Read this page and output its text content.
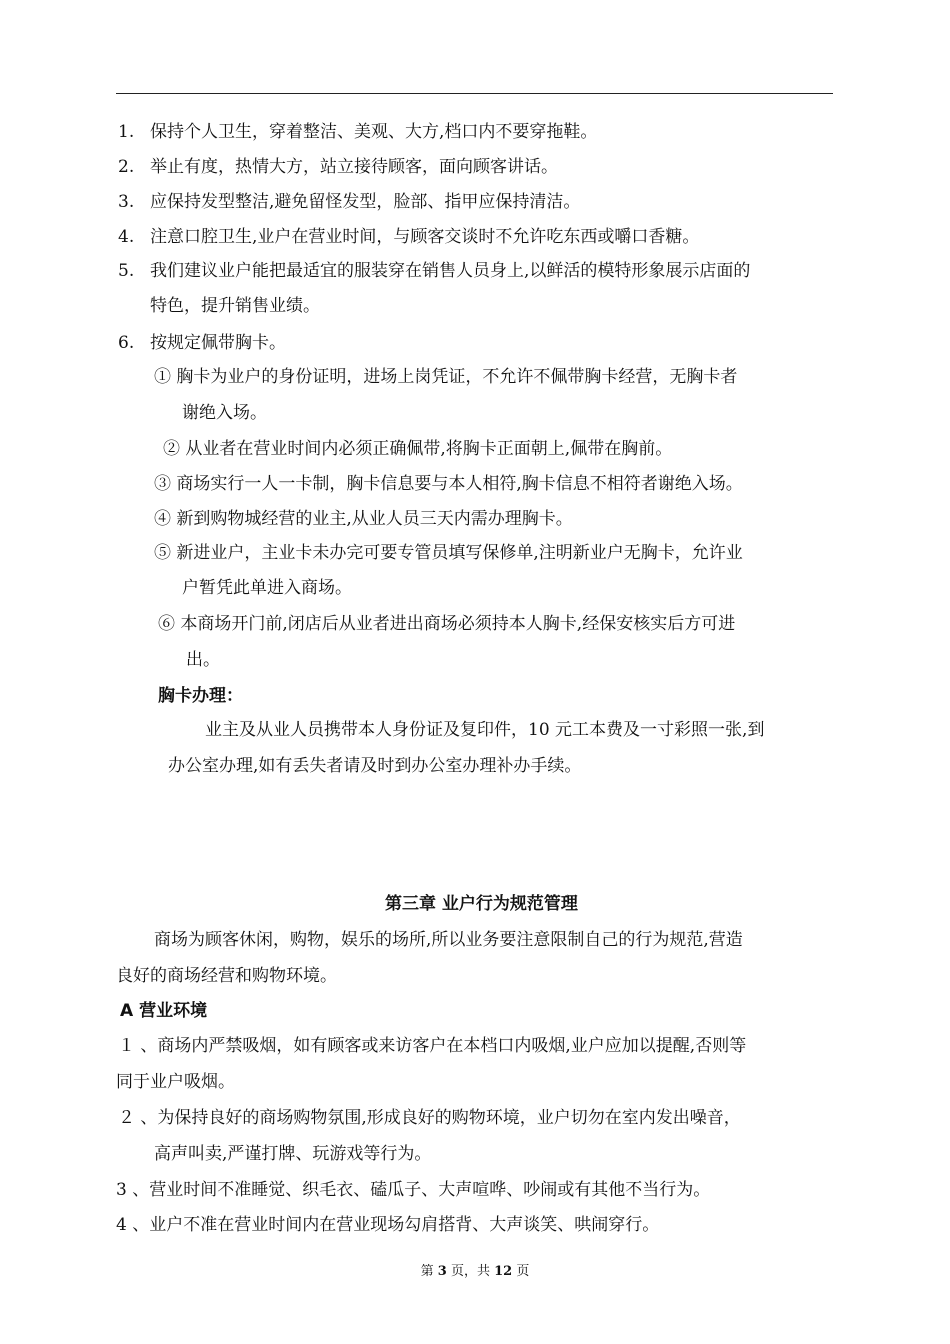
1. 保持个人卫生，穿着整洁、美观、大方,档口内不要穿拖鞋。
2. 举止有度，热情大方，站立接待顾客，面向顾客讲话。
3. 应保持发型整洁,避免留怪发型，脸部、指甲应保持清洁。
4. 注意口腔卫生,业户在营业时间，与顾客交谈时不允许吃东西或嚼口香糖。
5. 我们建议业户能把最适宜的服装穿在销售人员身上,以鲜活的模特形象展示店面的
特色，提升销售业绩。
6. 按规定佩带胸卡。
① 胸卡为业户的身份证明，进场上岗凭证，不允许不佩带胸卡经营，无胸卡者
谢绝入场。
② 从业者在营业时间内必须正确佩带,将胸卡正面朝上,佩带在胸前。
③ 商场实行一人一卡制，胸卡信息要与本人相符,胸卡信息不相符者谢绝入场。
④ 新到购物城经营的业主,从业人员三天内需办理胸卡。
⑤ 新进业户，主业卡未办完可要专管员填写保修单,注明新业户无胸卡，允许业
户暂凭此单进入商场。
⑥ 本商场开门前,闭店后从业者进出商场必须持本人胸卡,经保安核实后方可进
出。
胸卡办理：
业主及从业人员携带本人身份证及复印件，10 元工本费及一寸彩照一张,到
办公室办理,如有丢失者请及时到办公室办理补办手续。
第三章 业户行为规范管理
商场为顾客休闲，购物，娱乐的场所,所以业务要注意限制自己的行为规范,营造
良好的商场经营和购物环境。
A 营业环境
１ 、商场内严禁吸烟，如有顾客或来访客户在本档口内吸烟,业户应加以提醒,否则等
同于业户吸烟。
２ 、为保持良好的商场购物氛围,形成良好的购物环境，业户切勿在室内发出噪音，
高声叫卖,严谨打牌、玩游戏等行为。
3 、营业时间不准睡觉、织毛衣、磕瓜子、大声喧哗、吵闹或有其他不当行为。
4 、业户不准在营业时间内在营业现场勾肩搭背、大声谈笑、哄闹穿行。
第 3 页，共 12 页
